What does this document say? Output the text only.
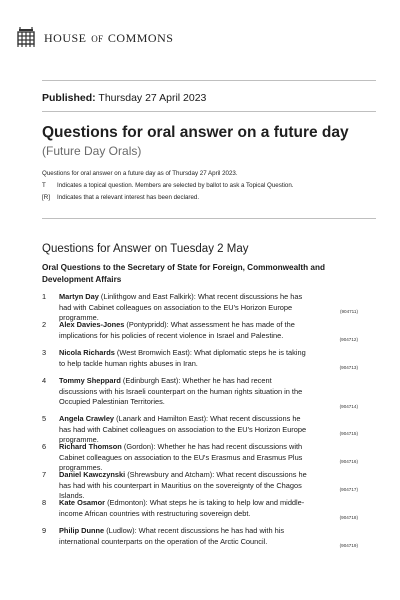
house of commons
Published: Thursday 27 April 2023
Questions for oral answer on a future day
(Future Day Orals)
Questions for oral answer on a future day as of Thursday 27 April 2023.
T	Indicates a topical question. Members are selected by ballot to ask a Topical Question.
[R]	Indicates that a relevant interest has been declared.
Questions for Answer on Tuesday 2 May
Oral Questions to the Secretary of State for Foreign, Commonwealth and Development Affairs
1 Martyn Day (Linlithgow and East Falkirk): What recent discussions he has had with Cabinet colleagues on association to the EU's Horizon Europe programme.
(904711)
2 Alex Davies-Jones (Pontypridd): What assessment he has made of the implications for his policies of recent violence in Israel and Palestine.	(904712)
3 Nicola Richards (West Bromwich East): What diplomatic steps he is taking to help tackle human rights abuses in Iran.	(904713)
4 Tommy Sheppard (Edinburgh East): Whether he has had recent discussions with his Israeli counterpart on the human rights situation in the Occupied Palestinian Territories.
(904714)
5 Angela Crawley (Lanark and Hamilton East): What recent discussions he has had with Cabinet colleagues on association to the EU's Horizon Europe programme.
(904715)
6 Richard Thomson (Gordon): Whether he has had recent discussions with Cabinet colleagues on association to the EU's Erasmus and Erasmus Plus programmes.
(904716)
7 Daniel Kawczynski (Shrewsbury and Atcham): What recent discussions he has had with his counterpart in Mauritius on the sovereignty of the Chagos Islands.
(904717)
8 Kate Osamor (Edmonton): What steps he is taking to help low and middle-income African countries with restructuring sovereign debt.	(904718)
9 Philip Dunne (Ludlow): What recent discussions he has had with his international counterparts on the operation of the Arctic Council.	(904719)
